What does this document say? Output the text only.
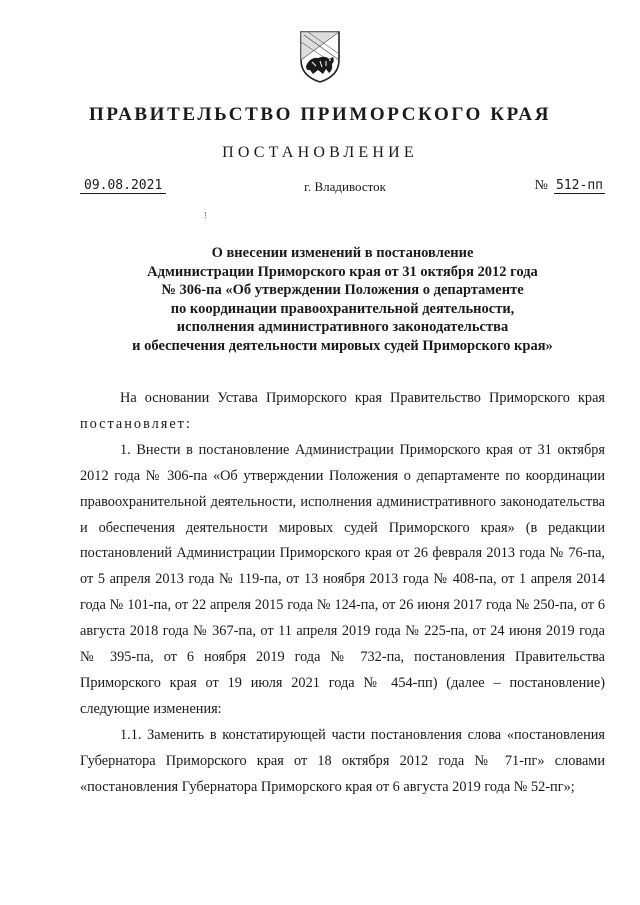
ПРАВИТЕЛЬСТВО ПРИМОРСКОГО КРАЯ
ПОСТАНОВЛЕНИЕ
09.08.2021	г. Владивосток	№ 512-пп
О внесении изменений в постановление
Администрации Приморского края от 31 октября 2012 года
№ 306-па «Об утверждении Положения о департаменте
по координации правоохранительной деятельности,
исполнения административного законодательства
и обеспечения деятельности мировых судей Приморского края»

На основании Устава Приморского края Правительство Приморского края постановляет:

1. Внести в постановление Администрации Приморского края от 31 октября 2012 года № 306-па «Об утверждении Положения о департаменте по координации правоохранительной деятельности, исполнения административного законодательства и обеспечения деятельности мировых судей Приморского края» (в редакции постановлений Администрации Приморского края от 26 февраля 2013 года № 76-па, от 5 апреля 2013 года № 119-па, от 13 ноября 2013 года № 408-па, от 1 апреля 2014 года № 101-па, от 22 апреля 2015 года № 124-па, от 26 июня 2017 года № 250-па, от 6 августа 2018 года № 367-па, от 11 апреля 2019 года № 225-па, от 24 июня 2019 года № 395-па, от 6 ноября 2019 года № 732-па, постановления Правительства Приморского края от 19 июля 2021 года № 454-пп) (далее – постановление) следующие изменения:

1.1. Заменить в констатирующей части постановления слова «постановления Губернатора Приморского края от 18 октября 2012 года № 71-пг» словами «постановления Губернатора Приморского края от 6 августа 2019 года № 52-пг»;
